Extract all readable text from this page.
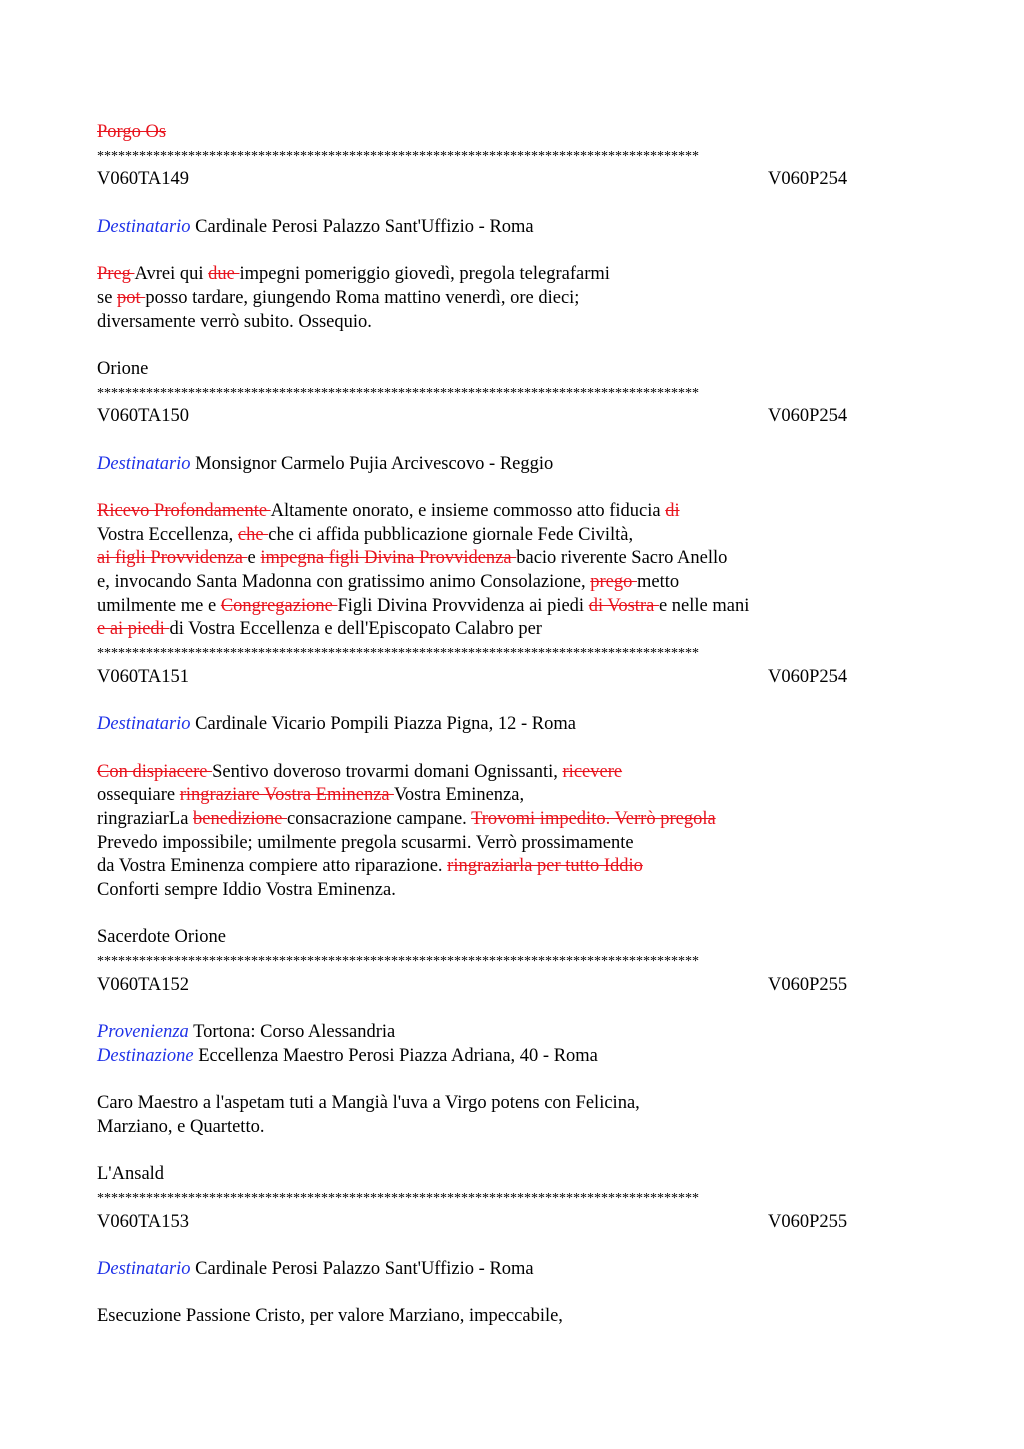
Porgo Os
**************************************************************************************
V060TA149	V060P254
Destinatario Cardinale Perosi Palazzo Sant'Uffizio - Roma
Preg Avrei qui due impegni pomeriggio giovedì, pregola telegrafarmi
se pot posso tardare, giungendo Roma mattino venerdì, ore dieci;
diversamente verrò subito. Ossequio.
Orione
**************************************************************************************
V060TA150	V060P254
Destinatario Monsignor Carmelo Pujia Arcivescovo - Reggio
Ricevo Profondamente Altamente onorato, e insieme commosso atto fiducia di
Vostra Eccellenza, che che ci affida pubblicazione giornale Fede Civiltà,
ai figli Provvidenza e impegna figli Divina Provvidenza bacio riverente Sacro Anello
e, invocando Santa Madonna con gratissimo animo Consolazione, prego metto
umilmente me e Congregazione Figli Divina Provvidenza ai piedi di Vostra e nelle mani
e ai piedi di Vostra Eccellenza e dell'Episcopato Calabro per
**************************************************************************************
V060TA151	V060P254
Destinatario Cardinale Vicario Pompili Piazza Pigna, 12 - Roma
Con dispiacere Sentivo doveroso trovarmi domani Ognissanti, ricevere
ossequiare ringraziare Vostra Eminenza Vostra Eminenza,
ringraziarLa benedizione consacrazione campane. Trovomi impedito. Verrò pregola
Prevedo impossibile; umilmente pregola scusarmi. Verrò prossimamente
da Vostra Eminenza compiere atto riparazione. ringraziarla per tutto Iddio
Conforti sempre Iddio Vostra Eminenza.
Sacerdote Orione
**************************************************************************************
V060TA152	V060P255
Provenienza Tortona: Corso Alessandria
Destinazione Eccellenza Maestro Perosi Piazza Adriana, 40 - Roma
Caro Maestro a l'aspetam tuti a Mangià l'uva a Virgo potens con Felicina,
Marziano, e Quartetto.
L'Ansald
**************************************************************************************
V060TA153	V060P255
Destinatario Cardinale Perosi Palazzo Sant'Uffizio - Roma
Esecuzione Passione Cristo, per valore Marziano, impeccabile,
